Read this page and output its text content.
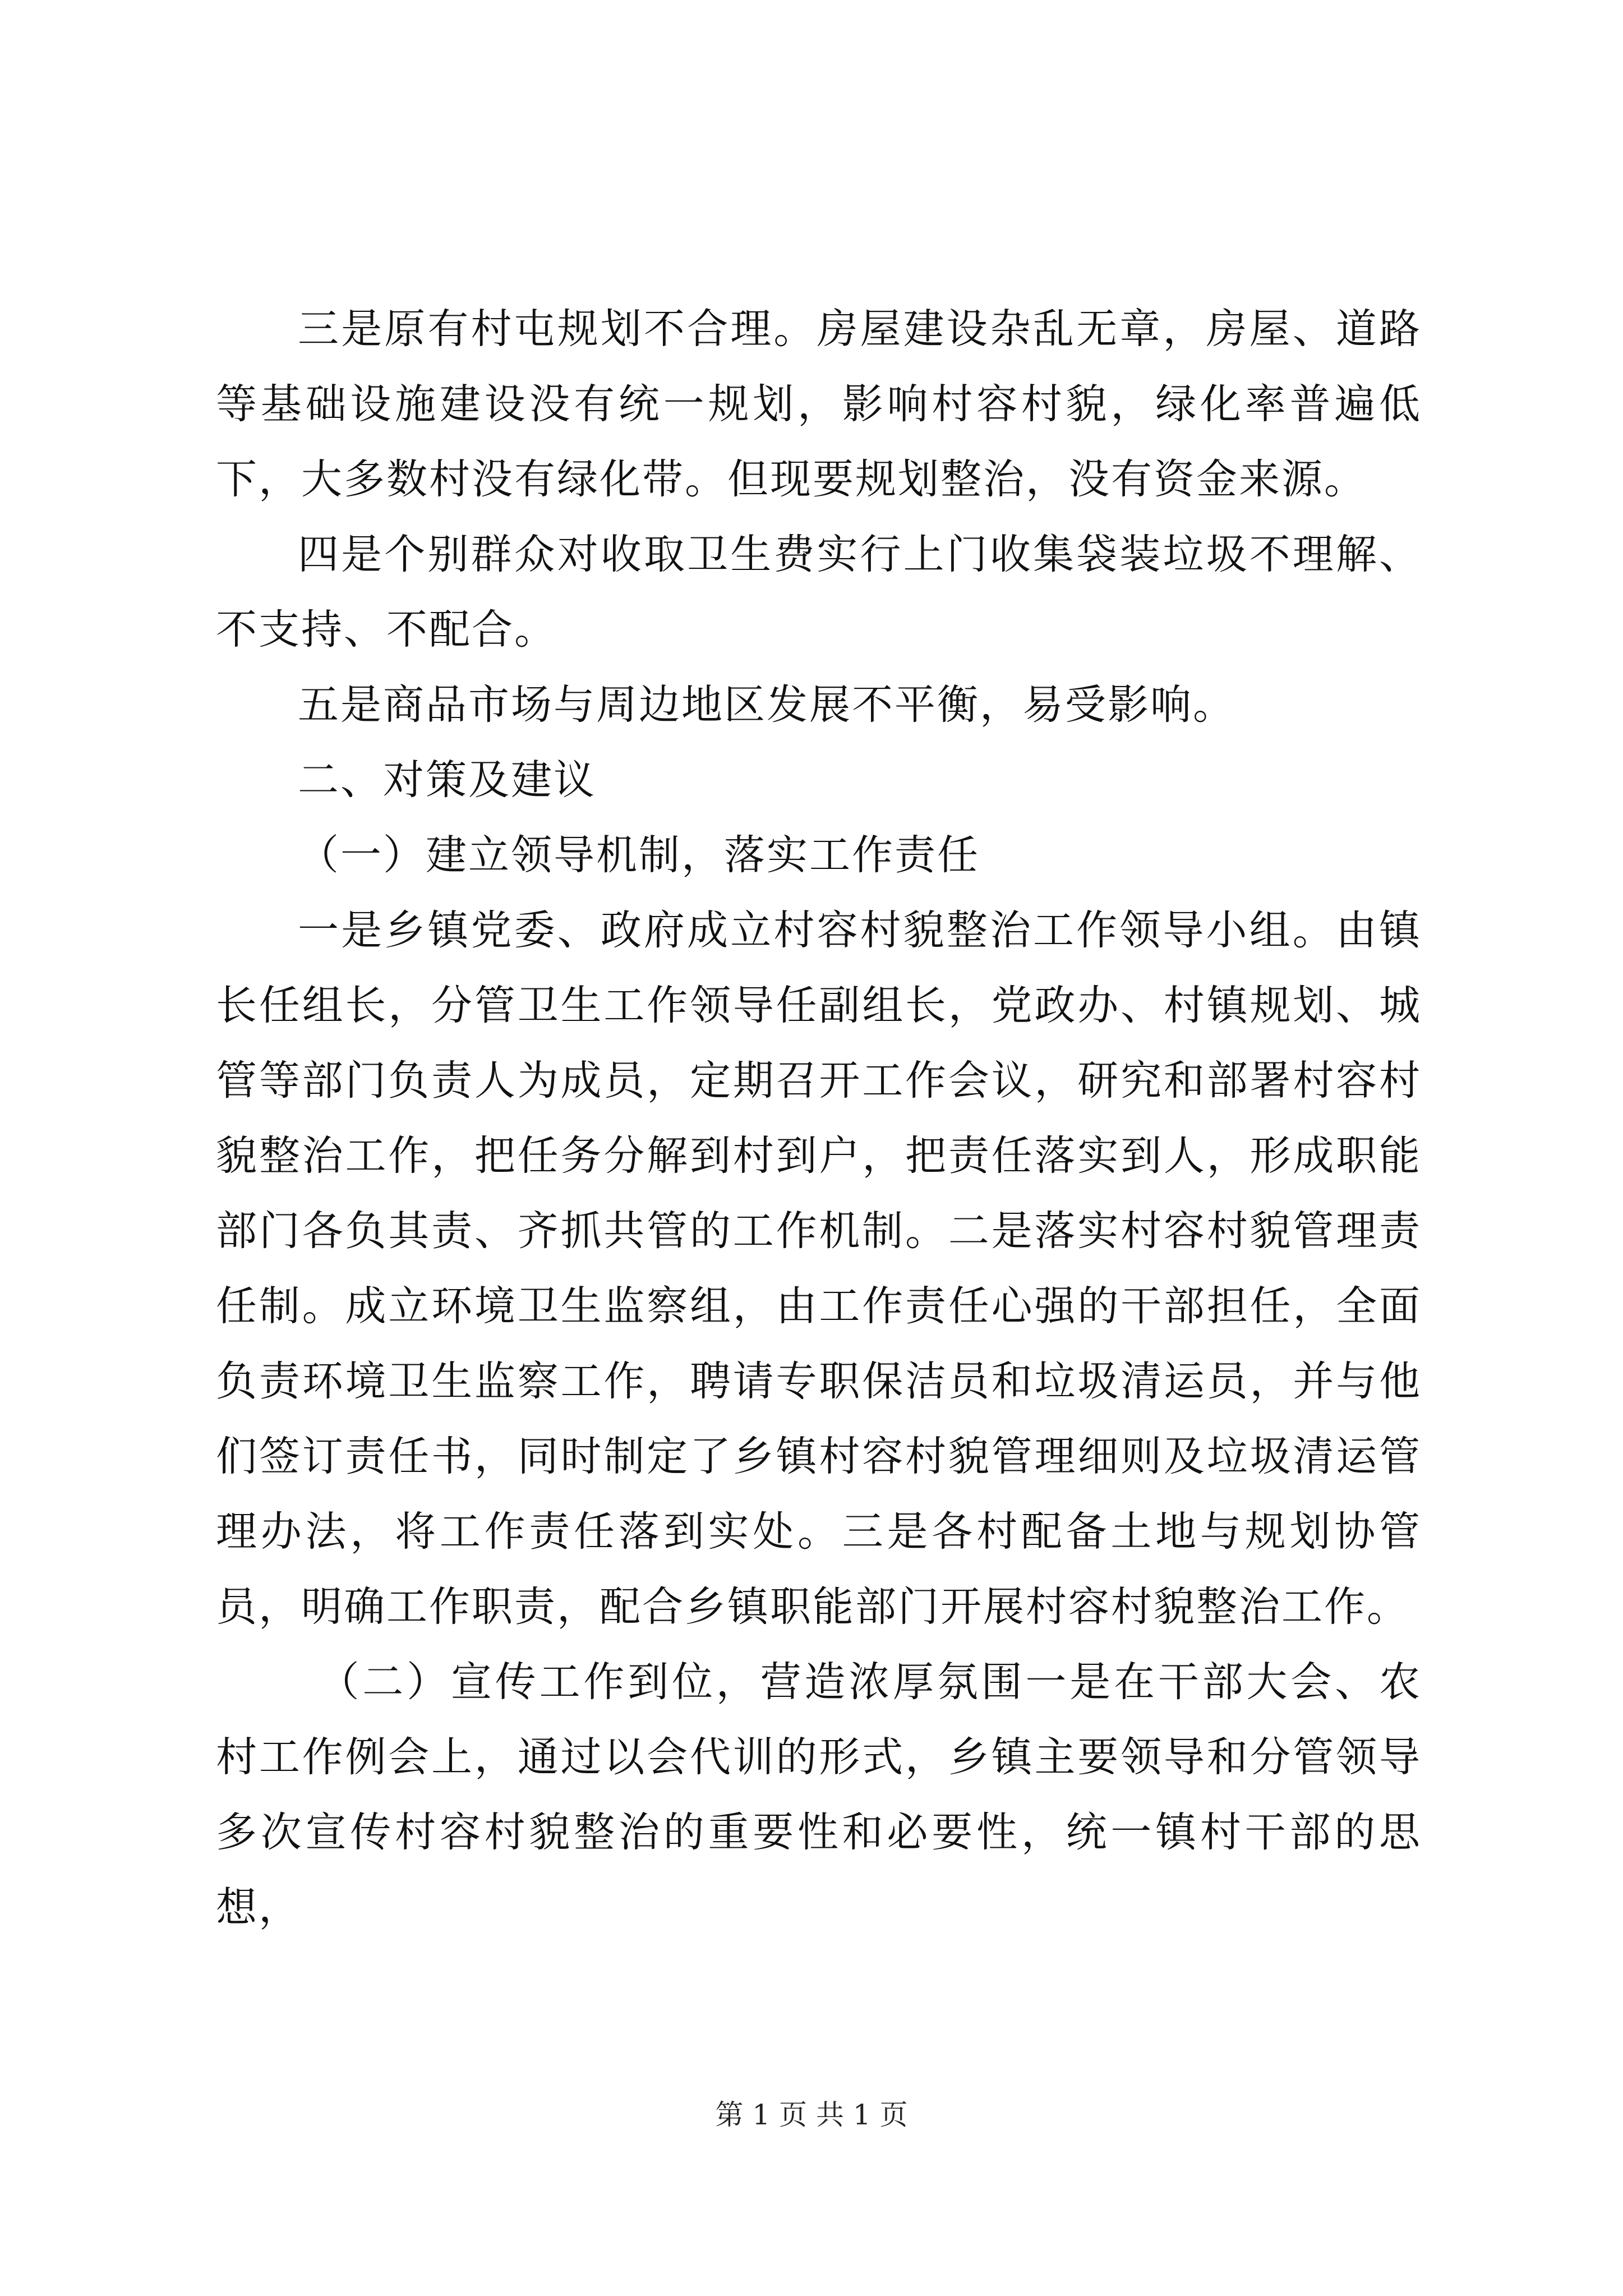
三是原有村屯规划不合理。房屋建设杂乱无章，房屋、道路等基础设施建设没有统一规划，影响村容村貌，绿化率普遍低下，大多数村没有绿化带。但现要规划整治，没有资金来源。

四是个别群众对收取卫生费实行上门收集袋装垃圾不理解、不支持、不配合。

五是商品市场与周边地区发展不平衡，易受影响。

二、对策及建议

（一）建立领导机制，落实工作责任

一是乡镇党委、政府成立村容村貌整治工作领导小组。由镇长任组长，分管卫生工作领导任副组长，党政办、村镇规划、城管等部门负责人为成员，定期召开工作会议，研究和部署村容村貌整治工作，把任务分解到村到户，把责任落实到人，形成职能部门各负其责、齐抓共管的工作机制。二是落实村容村貌管理责任制。成立环境卫生监察组，由工作责任心强的干部担任，全面负责环境卫生监察工作，聘请专职保洁员和垃圾清运员，并与他们签订责任书，同时制定了乡镇村容村貌管理细则及垃圾清运管理办法，将工作责任落到实处。三是各村配备土地与规划协管员，明确工作职责，配合乡镇职能部门开展村容村貌整治工作。

（二）宣传工作到位，营造浓厚氛围一是在干部大会、农村工作例会上，通过以会代训的形式，乡镇主要领导和分管领导多次宣传村容村貌整治的重要性和必要性，统一镇村干部的思想，

第 1 页 共 1 页
